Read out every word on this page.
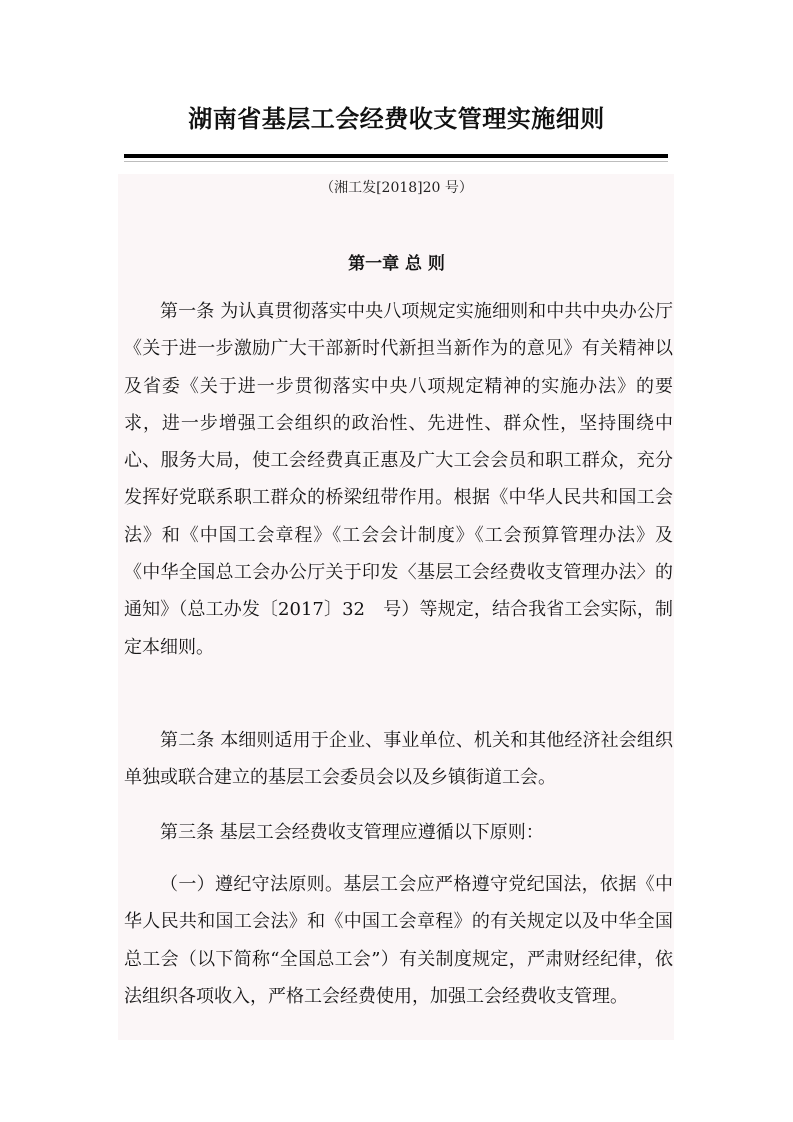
湖南省基层工会经费收支管理实施细则
（湘工发[2018]20 号）
第一章 总 则

第一条 为认真贯彻落实中央八项规定实施细则和中共中央办公厅《关于进一步激励广大干部新时代新担当新作为的意见》有关精神以及省委《关于进一步贯彻落实中央八项规定精神的实施办法》的要求，进一步增强工会组织的政治性、先进性、群众性，坚持围绕中心、服务大局，使工会经费真正惠及广大工会会员和职工群众，充分发挥好党联系职工群众的桥梁纽带作用。根据《中华人民共和国工会法》和《中国工会章程》《工会会计制度》《工会预算管理办法》及《中华全国总工会办公厅关于印发〈基层工会经费收支管理办法〉的通知》（总工办发〔2017〕32　号）等规定，结合我省工会实际，制定本细则。

第二条 本细则适用于企业、事业单位、机关和其他经济社会组织单独或联合建立的基层工会委员会以及乡镇街道工会。

第三条 基层工会经费收支管理应遵循以下原则：

（一）遵纪守法原则。基层工会应严格遵守党纪国法，依据《中华人民共和国工会法》和《中国工会章程》的有关规定以及中华全国总工会（以下简称“全国总工会”）有关制度规定，严肃财经纪律，依法组织各项收入，严格工会经费使用，加强工会经费收支管理。
